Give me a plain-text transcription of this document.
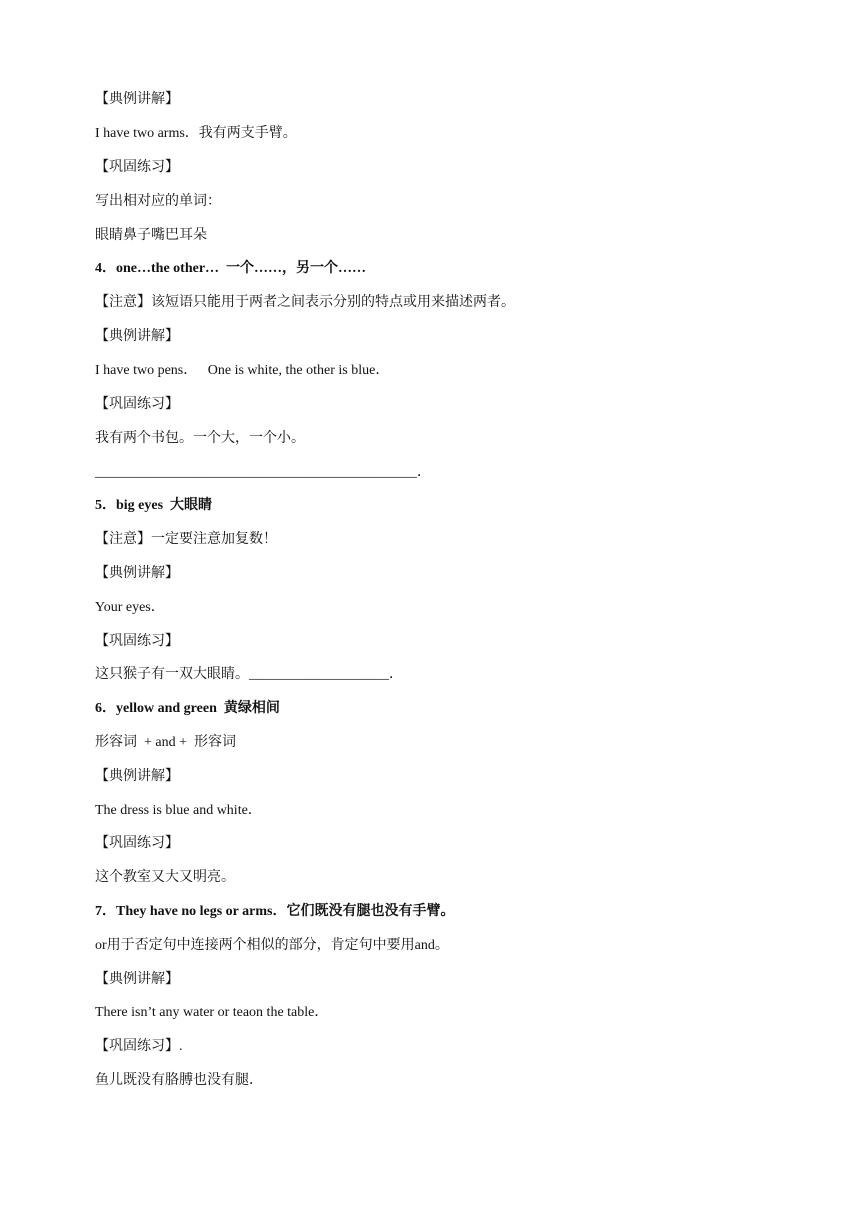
【典例讲解】
I have two arms．我有两支手臂。
【巩固练习】
写出相对应的单词：
眼睛鼻子嘴巴耳朵
4．one…the other…  一个……，另一个……
【注意】该短语只能用于两者之间表示分别的特点或用来描述两者。
【典例讲解】
I have two pens．   One is white, the other is blue．
【巩固练习】
我有两个书包。一个大，一个小。
______________________________________________．
5．big eyes  大眼睛
【注意】一定要注意加复数！
【典例讲解】
Your eyes．
【巩固练习】
这只猴子有一双大眼睛。____________________．
6．yellow and green  黄绿相间
形容词  + and +  形容词
【典例讲解】
The dress is blue and white．
【巩固练习】
这个教室又大又明亮。
7．They have no legs or arms．它们既没有腿也没有手臂。
or用于否定句中连接两个相似的部分，肯定句中要用and。
【典例讲解】
There isn’t any water or teaon the table．
【巩固练习】.
鱼儿既没有胳膊也没有腿．
